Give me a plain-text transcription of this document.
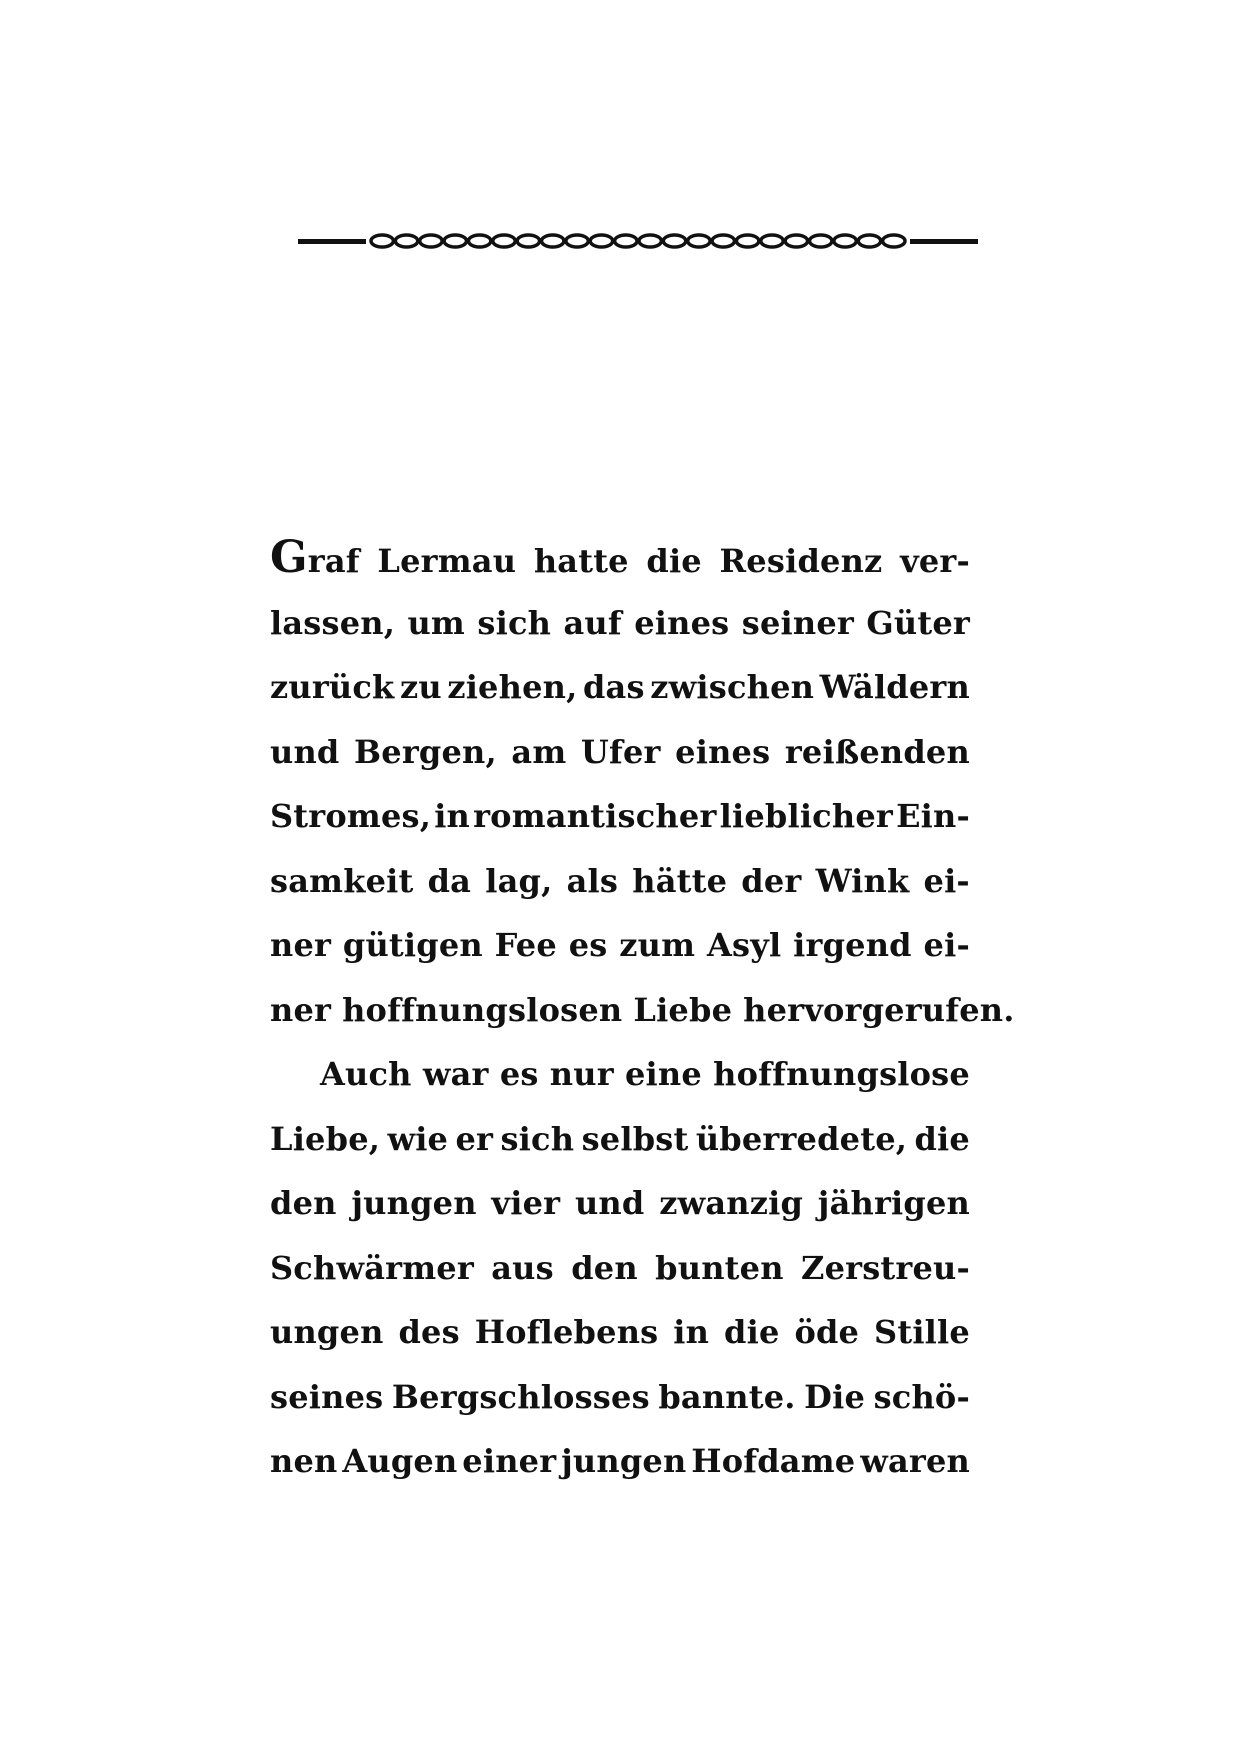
Graf Lermau hatte die Residenz ver-
lassen, um sich auf eines seiner Güter
zurück zu ziehen, das zwischen Wäldern
und Bergen, am Ufer eines reißenden
Stromes, in romantischer lieblicher Ein-
samkeit da lag, als hätte der Wink ei-
ner gütigen Fee es zum Asyl irgend ei-
ner hoffnungslosen Liebe hervorgerufen.
Auch war es nur eine hoffnungslose
Liebe, wie er sich selbst überredete, die
den jungen vier und zwanzig jährigen
Schwärmer aus den bunten Zerstreu-
ungen des Hoflebens in die öde Stille
seines Bergschlosses bannte. Die schö-
nen Augen einer jungen Hofdame waren
